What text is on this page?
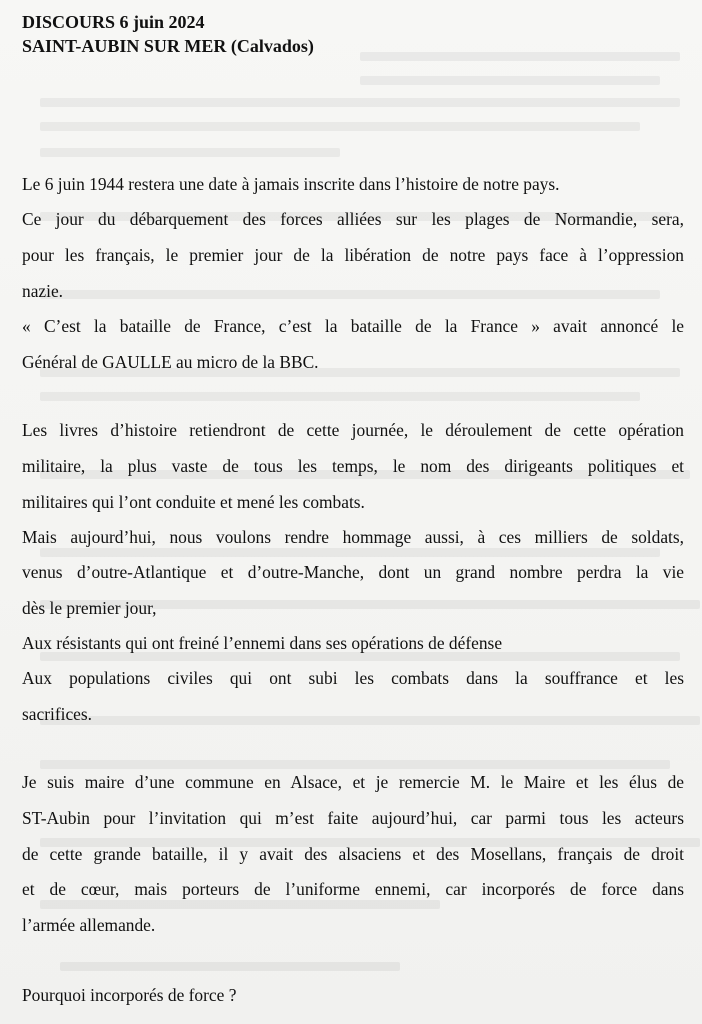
DISCOURS 6 juin 2024
SAINT-AUBIN SUR MER (Calvados)
Le 6 juin 1944 restera une date à jamais inscrite dans l’histoire de notre pays.
Ce jour du débarquement des forces alliées sur les plages de Normandie, sera,
pour les français, le premier jour de la libération de notre pays face à l’oppression
nazie.
« C’est la bataille de France, c’est la bataille de la France » avait annoncé le
Général de GAULLE au micro de la BBC.
Les livres d’histoire retiendront de cette journée, le déroulement de cette opération
militaire, la plus vaste de tous les temps, le nom des dirigeants politiques et
militaires qui l’ont conduite et mené les combats.
Mais aujourd’hui, nous voulons rendre hommage aussi, à ces milliers de soldats,
venus d’outre-Atlantique et d’outre-Manche, dont un grand nombre perdra la vie
dès le premier jour,
Aux résistants qui ont freiné l’ennemi dans ses opérations de défense
Aux populations civiles qui ont subi les combats dans la souffrance et les
sacrifices.
Je suis maire d’une commune en Alsace, et je remercie M. le Maire et les élus de
ST-Aubin pour l’invitation qui m’est faite aujourd’hui, car parmi tous les acteurs
de cette grande bataille, il y avait des alsaciens et des Mosellans, français de droit
et de cœur, mais porteurs de l’uniforme ennemi, car incorporés de force dans
l’armée allemande.
Pourquoi incorporés de force ?
